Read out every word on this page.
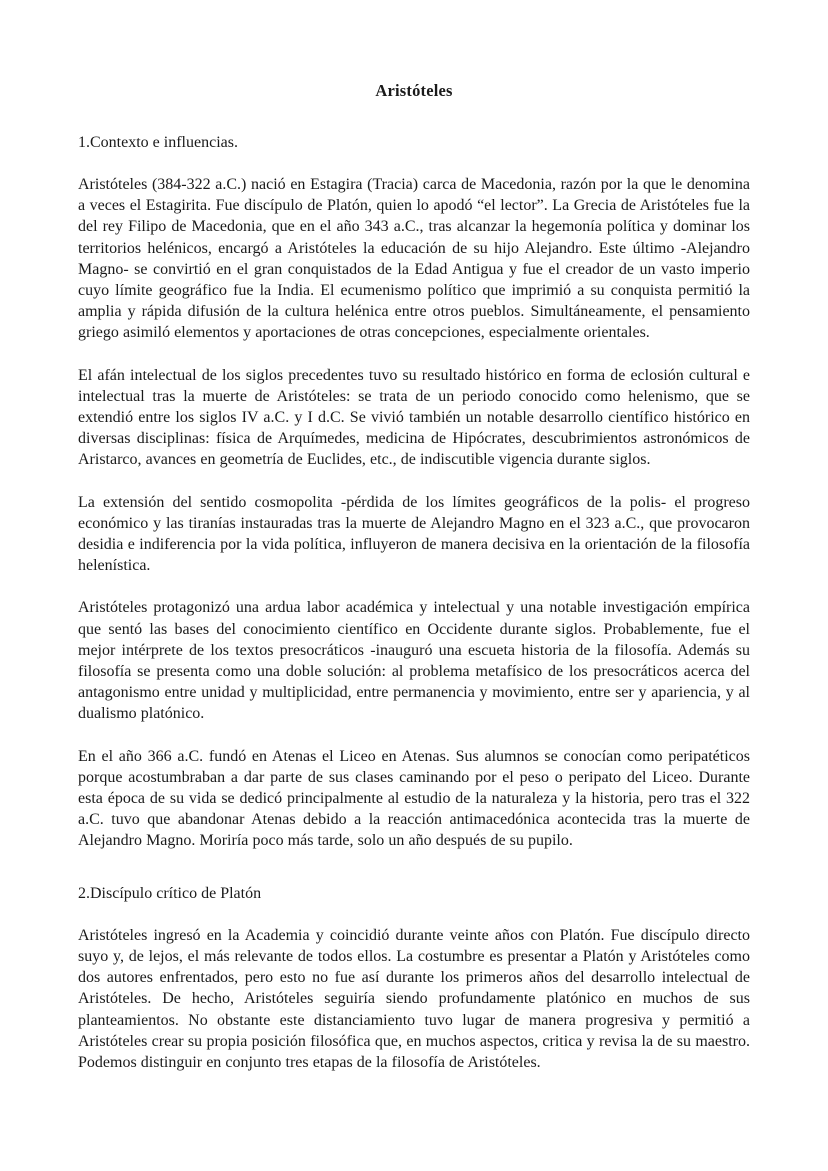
Aristóteles
1.Contexto e influencias.

Aristóteles (384-322 a.C.) nació en Estagira (Tracia) carca de Macedonia, razón por la que le denomina a veces el Estagirita. Fue discípulo de Platón, quien lo apodó “el lector”. La Grecia de Aristóteles fue la del rey Filipo de Macedonia, que en el año 343 a.C., tras alcanzar la hegemonía política y dominar los territorios helénicos, encargó a Aristóteles la educación de su hijo Alejandro. Este último -Alejandro Magno- se convirtió en el gran conquistados de la Edad Antigua y fue el creador de un vasto imperio cuyo límite geográfico fue la India. El ecumenismo político que imprimió a su conquista permitió la amplia y rápida difusión de la cultura helénica entre otros pueblos. Simultáneamente, el pensamiento griego asimiló elementos y aportaciones de otras concepciones, especialmente orientales.

El afán intelectual de los siglos precedentes tuvo su resultado histórico en forma de eclosión cultural e intelectual tras la muerte de Aristóteles: se trata de un periodo conocido como helenismo, que se extendió entre los siglos IV a.C. y I d.C. Se vivió también un notable desarrollo científico histórico en diversas disciplinas: física de Arquímedes, medicina de Hipócrates, descubrimientos astronómicos de Aristarco, avances en geometría de Euclides, etc., de indiscutible vigencia durante siglos.

La extensión del sentido cosmopolita -pérdida de los límites geográficos de la polis- el progreso económico y las tiranías instauradas tras la muerte de Alejandro Magno en el 323 a.C., que provocaron desidia e indiferencia por la vida política, influyeron de manera decisiva en la orientación de la filosofía helenística.

Aristóteles protagonizó una ardua labor académica y intelectual y una notable investigación empírica que sentó las bases del conocimiento científico en Occidente durante siglos. Probablemente, fue el mejor intérprete de los textos presocráticos -inauguró una escueta historia de la filosofía. Además su filosofía se presenta como una doble solución: al problema metafísico de los presocráticos acerca del antagonismo entre unidad y multiplicidad, entre permanencia y movimiento, entre ser y apariencia, y al dualismo platónico.

En el año 366 a.C. fundó en Atenas el Liceo en Atenas. Sus alumnos se conocían como peripatéticos porque acostumbraban a dar parte de sus clases caminando por el peso o peripato del Liceo. Durante esta época de su vida se dedicó principalmente al estudio de la naturaleza y la historia, pero tras el 322 a.C. tuvo que abandonar Atenas debido a la reacción antimacedónica acontecida tras la muerte de Alejandro Magno. Moriría poco más tarde, solo un año después de su pupilo.

2.Discípulo crítico de Platón

Aristóteles ingresó en la Academia y coincidió durante veinte años con Platón. Fue discípulo directo suyo y, de lejos, el más relevante de todos ellos. La costumbre es presentar a Platón y Aristóteles como dos autores enfrentados, pero esto no fue así durante los primeros años del desarrollo intelectual de Aristóteles. De hecho, Aristóteles seguiría siendo profundamente platónico en muchos de sus planteamientos. No obstante este distanciamiento tuvo lugar de manera progresiva y permitió a Aristóteles crear su propia posición filosófica que, en muchos aspectos, critica y revisa la de su maestro. Podemos distinguir en conjunto tres etapas de la filosofía de Aristóteles.
